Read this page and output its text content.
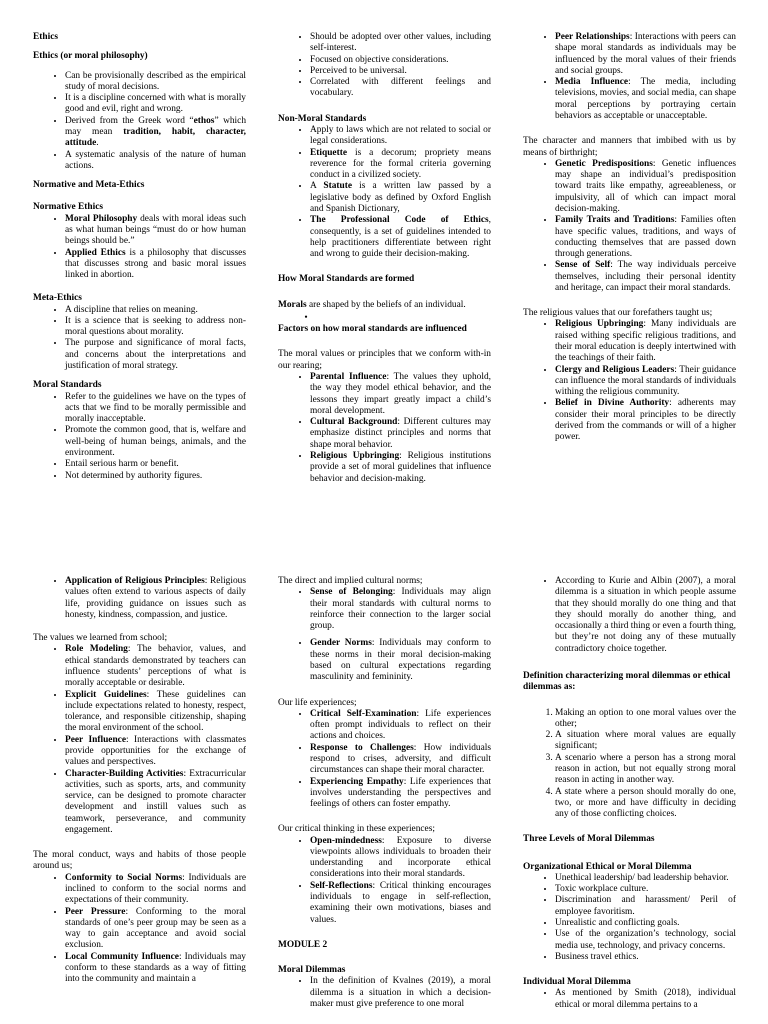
Ethics

Ethics (or moral philosophy)

• Can be provisionally described as the empirical study of moral decisions.
• It is a discipline concerned with what is morally good and evil, right and wrong.
• Derived from the Greek word “ethos” which may mean tradition, habit, character, attitude.
• A systematic analysis of the nature of human actions.

Normative and Meta-Ethics

Normative Ethics

• Moral Philosophy deals with moral ideas such as what human beings “must do or how human beings should be.”
• Applied Ethics is a philosophy that discusses that discusses strong and basic moral issues linked in abortion.

Meta-Ethics

• A discipline that relies on meaning.
• It is a science that is seeking to address non-moral questions about morality.
• The purpose and significance of moral facts, and concerns about the interpretations and justification of moral strategy.

Moral Standards

• Refer to the guidelines we have on the types of acts that we find to be morally permissible and morally inacceptable.
• Promote the common good, that is, welfare and well-being of human beings, animals, and the environment.
• Entail serious harm or benefit.
• Not determined by authority figures.
• Should be adopted over other values, including self-interest.
• Focused on objective considerations.
• Perceived to be universal.
• Correlated with different feelings and vocabulary.

Non-Moral Standards

• Apply to laws which are not related to social or legal considerations.
• Etiquette is a decorum; propriety means reverence for the formal criteria governing conduct in a civilized society.
• A Statute is a written law passed by a legislative body as defined by Oxford English and Spanish Dictionary,
• The Professional Code of Ethics, consequently, is a set of guidelines intended to help practitioners differentiate between right and wrong to guide their decision-making.

How Moral Standards are formed

Morals are shaped by the beliefs of an individual.

•

Factors on how moral standards are influenced

The moral values or principles that we conform with-in our rearing;

• Parental Influence: The values they uphold, the way they model ethical behavior, and the lessons they impart greatly impact a child’s moral development.
• Cultural Background: Different cultures may emphasize distinct principles and norms that shape moral behavior.
• Religious Upbringing: Religious institutions provide a set of moral guidelines that influence behavior and decision-making.
• Peer Relationships: Interactions with peers can shape moral standards as individuals may be influenced by the moral values of their friends and social groups.
• Media Influence: The media, including televisions, movies, and social media, can shape moral perceptions by portraying certain behaviors as acceptable or unacceptable.

The character and manners that imbibed with us by means of birthright;

• Genetic Predispositions: Genetic influences may shape an individual’s predisposition toward traits like empathy, agreeableness, or impulsivity, all of which can impact moral decision-making.
• Family Traits and Traditions: Families often have specific values, traditions, and ways of conducting themselves that are passed down through generations.
• Sense of Self: The way individuals perceive themselves, including their personal identity and heritage, can impact their moral standards.

The religious values that our forefathers taught us;

• Religious Upbringing: Many individuals are raised withing specific religious traditions, and their moral education is deeply intertwined with the teachings of their faith.
• Clergy and Religious Leaders: Their guidance can influence the moral standards of individuals withing the religious community.
• Belief in Divine Authority: adherents may consider their moral principles to be directly derived from the commands or will of a higher power.
• Application of Religious Principles: Religious values often extend to various aspects of daily life, providing guidance on issues such as honesty, kindness, compassion, and justice.

The values we learned from school;

• Role Modeling: The behavior, values, and ethical standards demonstrated by teachers can influence students’ perceptions of what is morally acceptable or desirable.
• Explicit Guidelines: These guidelines can include expectations related to honesty, respect, tolerance, and responsible citizenship, shaping the moral environment of the school.
• Peer Influence: Interactions with classmates provide opportunities for the exchange of values and perspectives.
• Character-Building Activities: Extracurricular activities, such as sports, arts, and community service, can be designed to promote character development and instill values such as teamwork, perseverance, and community engagement.

The moral conduct, ways and habits of those people around us;

• Conformity to Social Norms: Individuals are inclined to conform to the social norms and expectations of their community.
• Peer Pressure: Conforming to the moral standards of one’s peer group may be seen as a way to gain acceptance and avoid social exclusion.
• Local Community Influence: Individuals may conform to these standards as a way of fitting into the community and maintain a

The direct and implied cultural norms;

• Sense of Belonging: Individuals may align their moral standards with cultural norms to reinforce their connection to the larger social group.
• Gender Norms: Individuals may conform to these norms in their moral decision-making based on cultural expectations regarding masculinity and femininity.

Our life experiences;

• Critical Self-Examination: Life experiences often prompt individuals to reflect on their actions and choices.
• Response to Challenges: How individuals respond to crises, adversity, and difficult circumstances can shape their moral character.
• Experiencing Empathy: Life experiences that involves understanding the perspectives and feelings of others can foster empathy.

Our critical thinking in these experiences;

• Open-mindedness: Exposure to diverse viewpoints allows individuals to broaden their understanding and incorporate ethical considerations into their moral standards.
• Self-Reflections: Critical thinking encourages individuals to engage in self-reflection, examining their own motivations, biases and values.

MODULE 2

Moral Dilemmas

• In the definition of Kvalnes (2019), a moral dilemma is a situation in which a decision-maker must give preference to one moral
• According to Kurie and Albin (2007), a moral dilemma is a situation in which people assume that they should morally do one thing and that they should morally do another thing, and occasionally a third thing or even a fourth thing, but they’re not doing any of these mutually contradictory choice together.

Definition characterizing moral dilemmas or ethical dilemmas as:

1. Making an option to one moral values over the other;
2. A situation where moral values are equally significant;
3. A scenario where a person has a strong moral reason in action, but not equally strong moral reason in acting in another way.
4. A state where a person should morally do one, two, or more and have difficulty in deciding any of those conflicting choices.

Three Levels of Moral Dilemmas

Organizational Ethical or Moral Dilemma

• Unethical leadership/ bad leadership behavior.
• Toxic workplace culture.
• Discrimination and harassment/ Peril of employee favoritism.
• Unrealistic and conflicting goals.
• Use of the organization’s technology, social media use, technology, and privacy concerns.
• Business travel ethics.

Individual Moral Dilemma

• As mentioned by Smith (2018), individual ethical or moral dilemma pertains to a
